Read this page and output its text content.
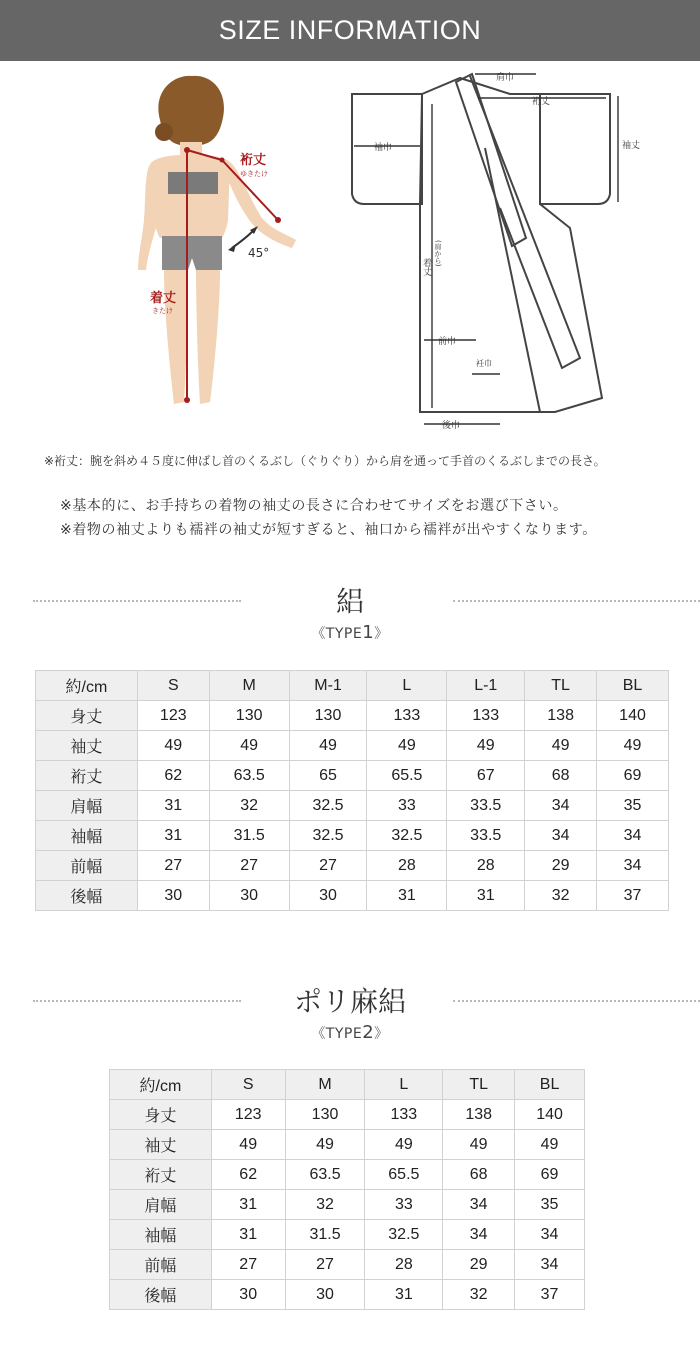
SIZE INFORMATION
裄丈
ゆきたけ
45°
着丈
きたけ
肩巾
裄丈
袖丈
袖巾
着丈
(肩から)
前巾
衽巾
後巾
※裄丈：腕を斜め４５度に伸ばし首のくるぶし（ぐりぐり）から肩を通って手首のくるぶしまでの長さ。
※基本的に、お手持ちの着物の袖丈の長さに合わせてサイズをお選び下さい。
※着物の袖丈よりも襦袢の袖丈が短すぎると、袖口から襦袢が出やすくなります。
絽
《TYPE1》
約/cm	S	M	M-1	L	L-1	TL	BL
身丈	123	130	130	133	133	138	140
袖丈	49	49	49	49	49	49	49
裄丈	62	63.5	65	65.5	67	68	69
肩幅	31	32	32.5	33	33.5	34	35
袖幅	31	31.5	32.5	32.5	33.5	34	34
前幅	27	27	27	28	28	29	34
後幅	30	30	30	31	31	32	37
ポリ麻絽
《TYPE2》
約/cm	S	M	L	TL	BL
身丈	123	130	133	138	140
袖丈	49	49	49	49	49
裄丈	62	63.5	65.5	68	69
肩幅	31	32	33	34	35
袖幅	31	31.5	32.5	34	34
前幅	27	27	28	29	34
後幅	30	30	31	32	37
